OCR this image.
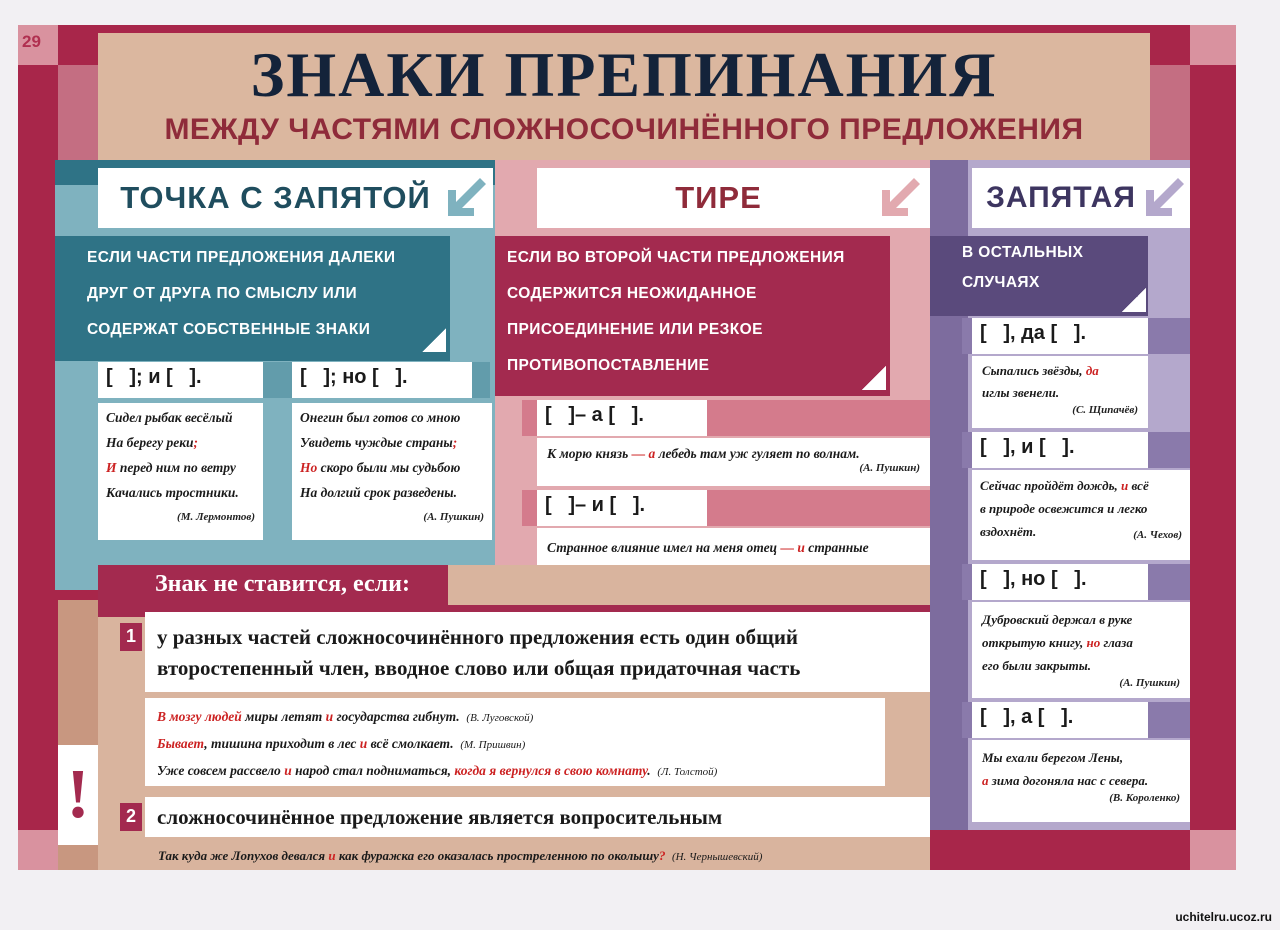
29	ЗНАКИ ПРЕПИНАНИЯ
МЕЖДУ ЧАСТЯМИ СЛОЖНОСОЧИНЁННОГО ПРЕДЛОЖЕНИЯ
ТОЧКА С ЗАПЯТОЙ
ЕСЛИ ЧАСТИ ПРЕДЛОЖЕНИЯ ДАЛЕКИ
ДРУГ ОТ ДРУГА ПО СМЫСЛУ ИЛИ
СОДЕРЖАТ СОБСТВЕННЫЕ ЗНАКИ
[   ]; и [   ].	[   ]; но [   ].
Сидел рыбак весёлый
На берегу реки;
И перед ним по ветру
Качались тростники.
(М. Лермонтов)
Онегин был готов со мною
Увидеть чуждые страны;
Но скоро были мы судьбою
На долгий срок разведены.
(А. Пушкин)
ТИРЕ
ЕСЛИ ВО ВТОРОЙ ЧАСТИ ПРЕДЛОЖЕНИЯ
СОДЕРЖИТСЯ НЕОЖИДАННОЕ
ПРИСОЕДИНЕНИЕ ИЛИ РЕЗКОЕ
ПРОТИВОПОСТАВЛЕНИЕ
[   ]– а [   ].
К морю князь — а лебедь там уж гуляет по волнам.
(А. Пушкин)
[   ]– и [   ].
Странное влияние имел на меня отец — и странные
ЗАПЯТАЯ
В ОСТАЛЬНЫХ
СЛУЧАЯХ
[   ], да [   ].
Сыпались звёзды, да
иглы звенели.
(С. Щипачёв)
[   ], и [   ].
Сейчас пройдёт дождь, и всё
в природе освежится и легко
вздохнёт.	(А. Чехов)
[   ], но [   ].
Дубровский держал в руке
открытую книгу, но глаза
его были закрыты.
(А. Пушкин)
[   ], а [   ].
Мы ехали берегом Лены,
а зима догоняла нас с севера.
(В. Короленко)
Знак не ставится, если:
!
1 у разных частей сложносочинённого предложения есть один общий
второстепенный член, вводное слово или общая придаточная часть
В мозгу людей миры летят и государства гибнут. (В. Луговской)
Бывает, тишина приходит в лес и всё смолкает. (М. Пришвин)
Уже совсем рассвело и народ стал подниматься, когда я вернулся в свою комнату. (Л. Толстой)
2 сложносочинённое предложение является вопросительным
Так куда же Лопухов девался и как фуражка его оказалась простреленною по околышу? (Н. Чернышевский)
uchitelru.ucoz.ru
